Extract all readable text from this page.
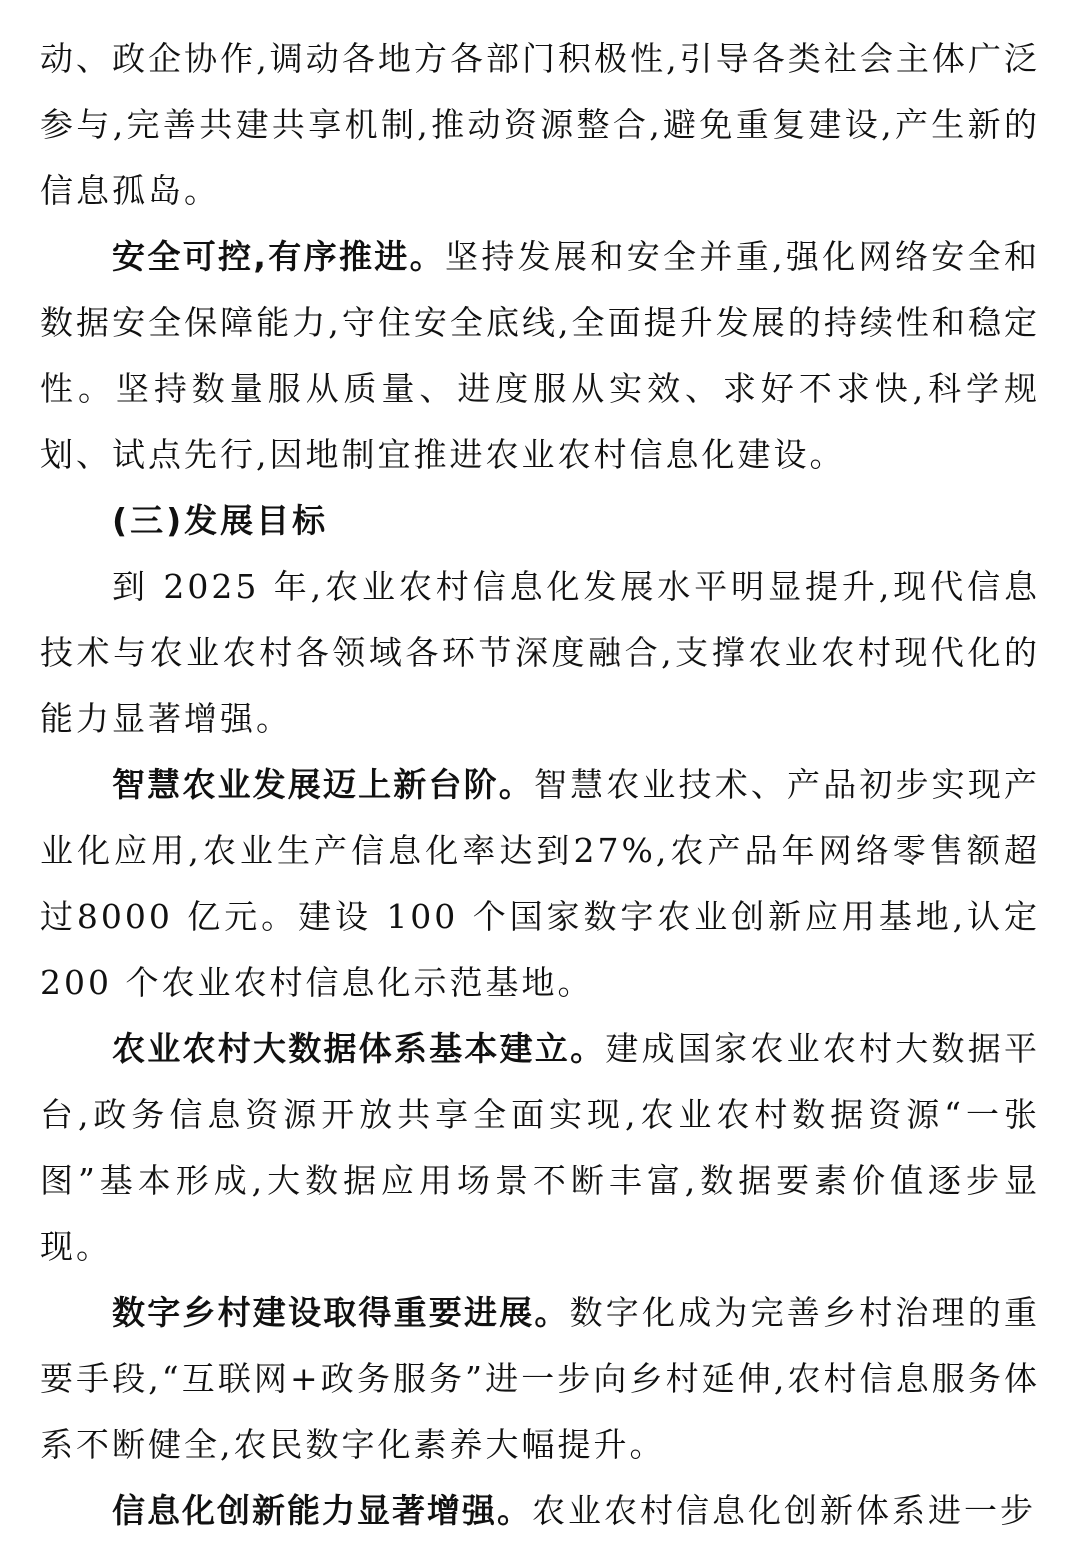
动、政企协作,调动各地方各部门积极性,引导各类社会主体广泛参与,完善共建共享机制,推动资源整合,避免重复建设,产生新的信息孤岛。

安全可控,有序推进。坚持发展和安全并重,强化网络安全和数据安全保障能力,守住安全底线,全面提升发展的持续性和稳定性。坚持数量服从质量、进度服从实效、求好不求快,科学规划、试点先行,因地制宜推进农业农村信息化建设。

(三)发展目标

到 2025 年,农业农村信息化发展水平明显提升,现代信息技术与农业农村各领域各环节深度融合,支撑农业农村现代化的能力显著增强。

智慧农业发展迈上新台阶。智慧农业技术、产品初步实现产业化应用,农业生产信息化率达到27%,农产品年网络零售额超过8000 亿元。建设 100 个国家数字农业创新应用基地,认定 200 个农业农村信息化示范基地。

农业农村大数据体系基本建立。建成国家农业农村大数据平台,政务信息资源开放共享全面实现,农业农村数据资源“一张图”基本形成,大数据应用场景不断丰富,数据要素价值逐步显现。

数字乡村建设取得重要进展。数字化成为完善乡村治理的重要手段,“互联网+政务服务”进一步向乡村延伸,农村信息服务体系不断健全,农民数字化素养大幅提升。

信息化创新能力显著增强。农业农村信息化创新体系进一步
